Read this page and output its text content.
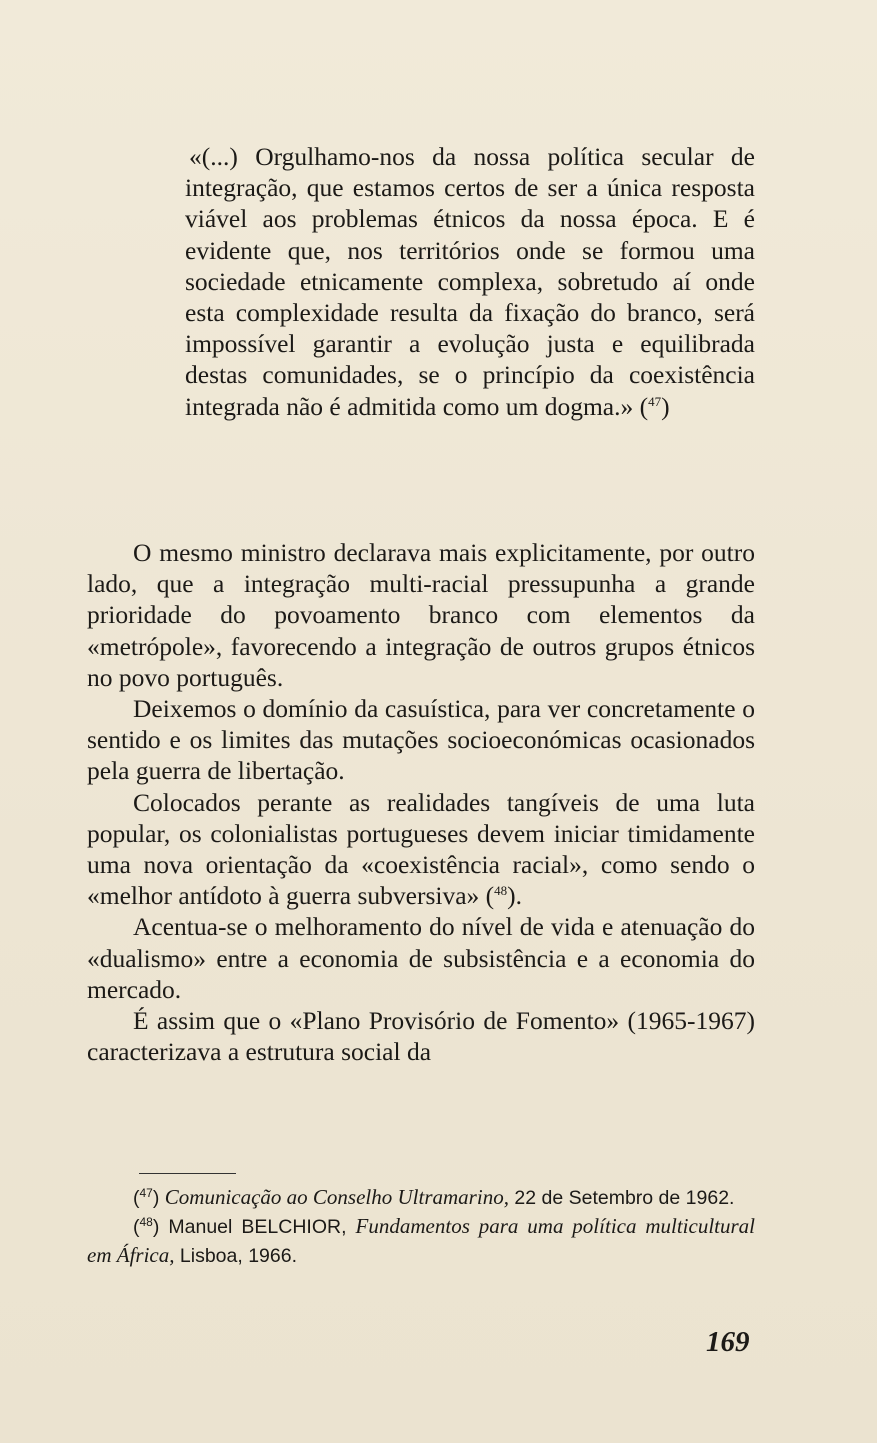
«(...) Orgulhamo-nos da nossa política secular de integração, que estamos certos de ser a única resposta viável aos problemas étnicos da nossa época. E é evidente que, nos territórios onde se formou uma sociedade etnicamente complexa, sobretudo aí onde esta complexidade resulta da fixação do branco, será impossível garantir a evolução justa e equilibrada destas comunidades, se o princípio da coexistência integrada não é admitida como um dogma.» ($^{47}$)

O mesmo ministro declarava mais explicitamente, por outro lado, que a integração multi-racial pressupunha a grande prioridade do povoamento branco com elementos da «metrópole», favorecendo a integração de outros grupos étnicos no povo português.

Deixemos o domínio da casuística, para ver concretamente o sentido e os limites das mutações socioeconómicas ocasionados pela guerra de libertação.

Colocados perante as realidades tangíveis de uma luta popular, os colonialistas portugueses devem iniciar timidamente uma nova orientação da «coexistência racial», como sendo o «melhor antídoto à guerra subversiva» ($^{48}$).

Acentua-se o melhoramento do nível de vida e atenuação do «dualismo» entre a economia de subsistência e a economia do mercado.

É assim que o «Plano Provisório de Fomento» (1965-1967) caracterizava a estrutura social da

($^{47}$) Comunicação ao Conselho Ultramarino, 22 de Setembro de 1962.

($^{48}$) Manuel BELCHIOR, Fundamentos para uma política multicultural em África, Lisboa, 1966.

169
